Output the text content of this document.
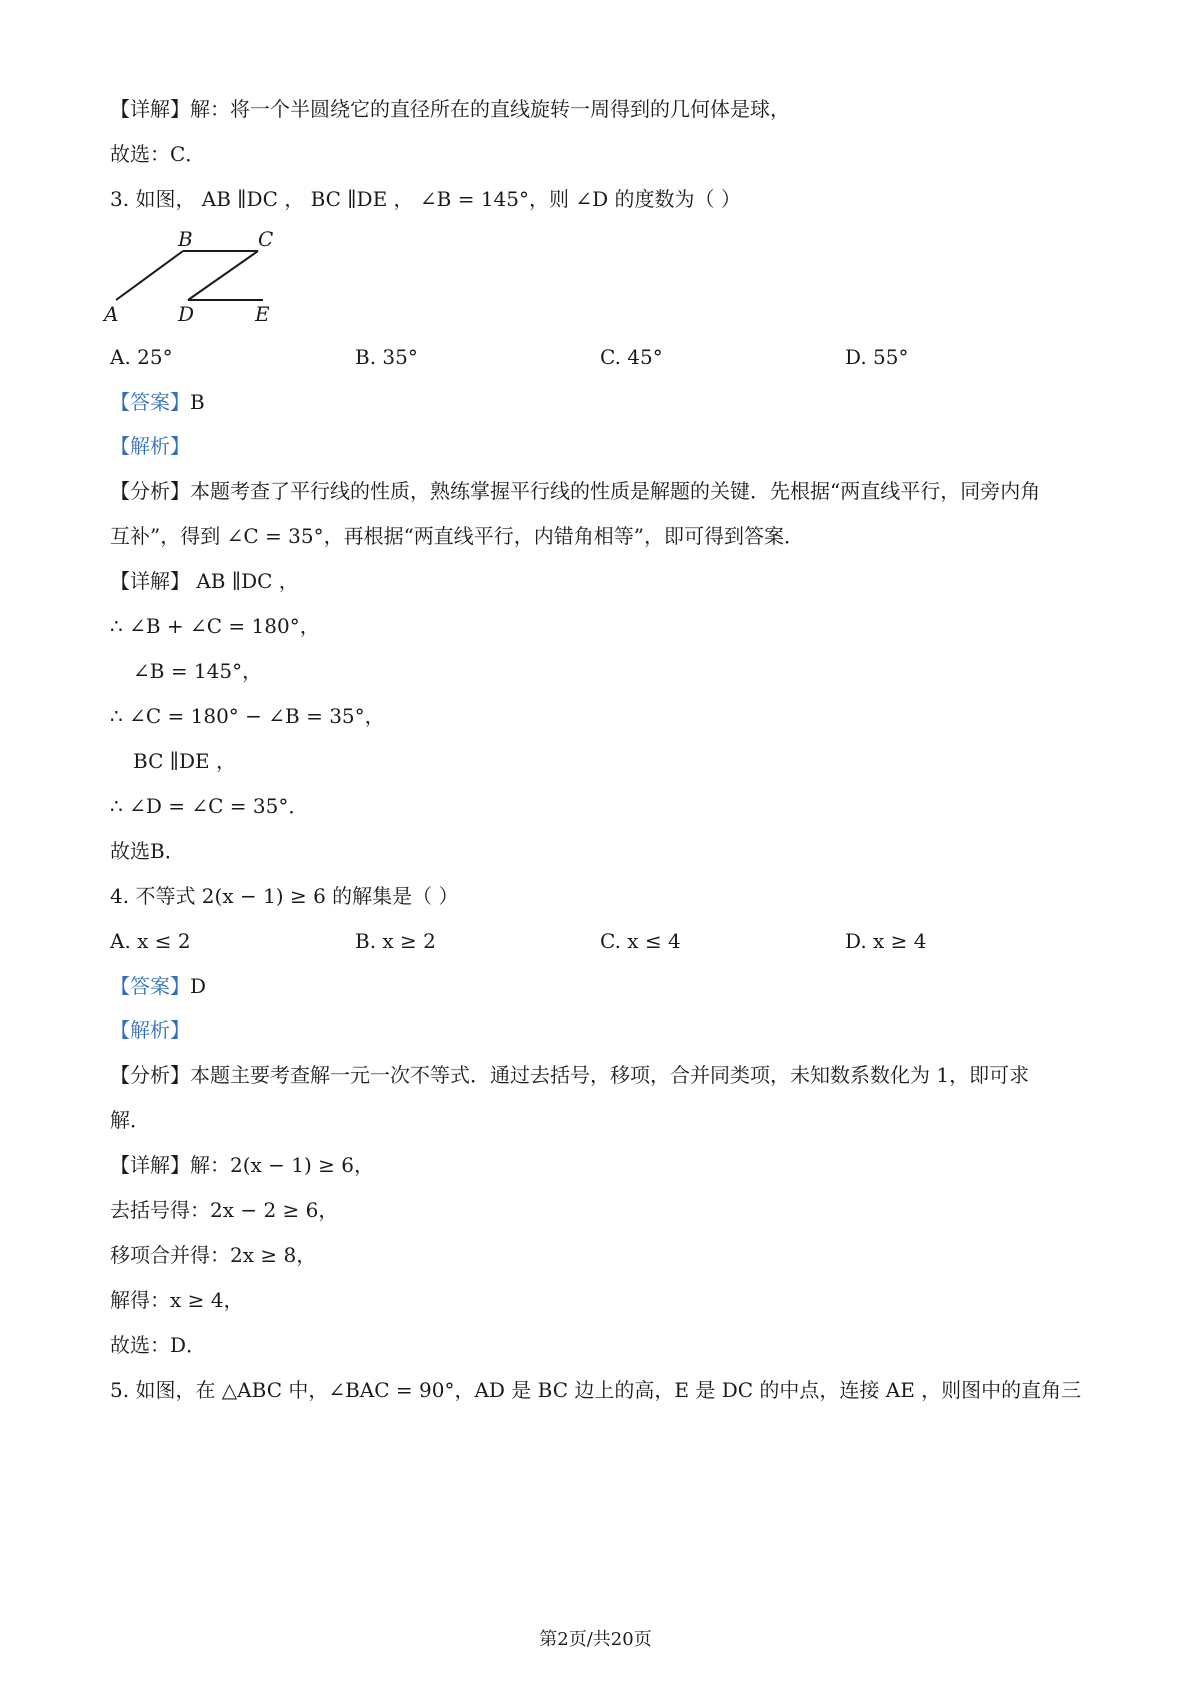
【详解】解：将一个半圆绕它的直径所在的直线旋转一周得到的几何体是球，
故选：C．
3. 如图， AB ∥DC ， BC ∥DE ， ∠B = 145°，则 ∠D 的度数为（ ）
B	C
A	D	E
A. 25°	B. 35°	C. 45°	D. 55°
【答案】B
【解析】
【分析】本题考查了平行线的性质，熟练掌握平行线的性质是解题的关键．先根据“两直线平行，同旁内角
互补”，得到 ∠C = 35°，再根据“两直线平行，内错角相等”，即可得到答案．
【详解】 AB ∥DC ，
∴ ∠B + ∠C = 180°，
∠B = 145°，
∴ ∠C = 180° − ∠B = 35°，
BC ∥DE ，
∴ ∠D = ∠C = 35°．
故选B．
4. 不等式 2(x − 1) ≥ 6 的解集是（ ）
A. x ≤ 2	B. x ≥ 2	C. x ≤ 4	D. x ≥ 4
【答案】D
【解析】
【分析】本题主要考查解一元一次不等式．通过去括号，移项，合并同类项，未知数系数化为 1，即可求
解．
【详解】解：2(x − 1) ≥ 6，
去括号得：2x − 2 ≥ 6，
移项合并得：2x ≥ 8，
解得：x ≥ 4，
故选：D．
5. 如图，在 △ABC 中，∠BAC = 90°，AD 是 BC 边上的高，E 是 DC 的中点，连接 AE ，则图中的直角三
第2页/共20页
